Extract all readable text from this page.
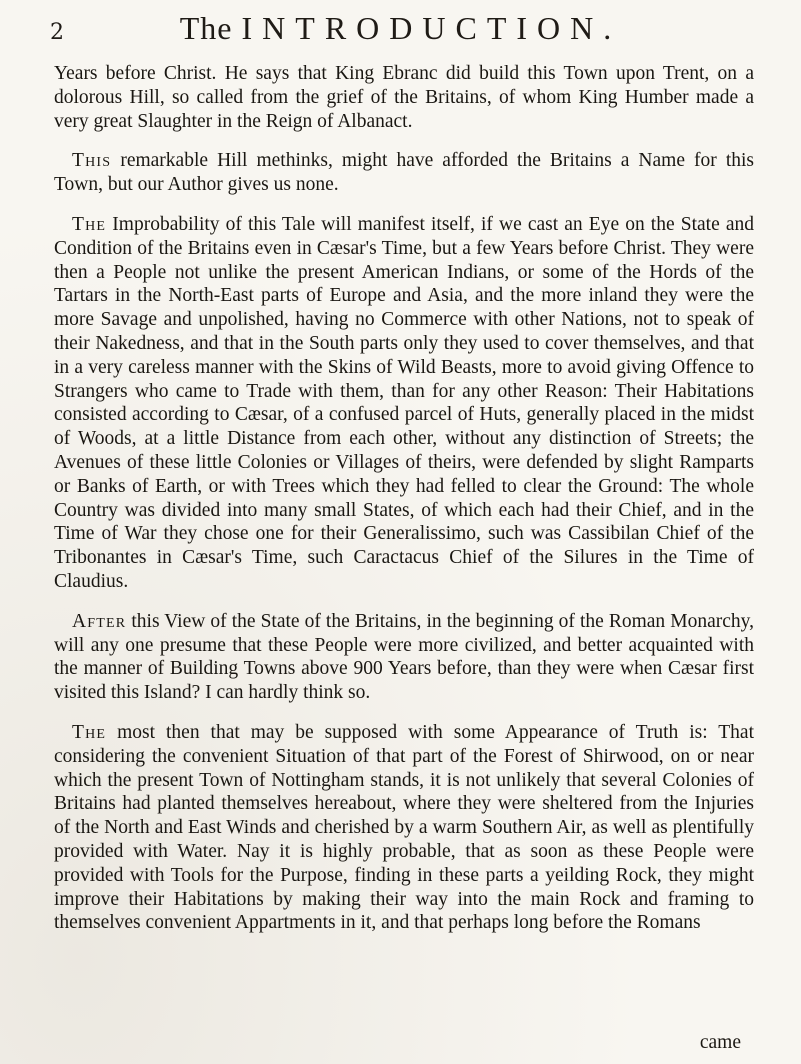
2	The INTRODUCTION.

Years before Christ. He says that King Ebranc did build this Town upon Trent, on a dolorous Hill, so called from the grief of the Britains, of whom King Humber made a very great Slaughter in the Reign of Albanact.

This remarkable Hill methinks, might have afforded the Britains a Name for this Town, but our Author gives us none.

The Improbability of this Tale will manifest itself, if we cast an Eye on the State and Condition of the Britains even in Cæsar's Time, but a few Years before Christ. They were then a People not unlike the present American Indians, or some of the Hords of the Tartars in the North-East parts of Europe and Asia, and the more inland they were the more Savage and unpolished, having no Commerce with other Nations, not to speak of their Nakedness, and that in the South parts only they used to cover themselves, and that in a very careless manner with the Skins of Wild Beasts, more to avoid giving Offence to Strangers who came to Trade with them, than for any other Reason: Their Habitations consisted according to Cæsar, of a confused parcel of Huts, generally placed in the midst of Woods, at a little Distance from each other, without any distinction of Streets; the Avenues of these little Colonies or Villages of theirs, were defended by slight Ramparts or Banks of Earth, or with Trees which they had felled to clear the Ground: The whole Country was divided into many small States, of which each had their Chief, and in the Time of War they chose one for their Generalissimo, such was Cassibilan Chief of the Tribonantes in Cæsar's Time, such Caractacus Chief of the Silures in the Time of Claudius.

After this View of the State of the Britains, in the beginning of the Roman Monarchy, will any one presume that these People were more civilized, and better acquainted with the manner of Building Towns above 900 Years before, than they were when Cæsar first visited this Island? I can hardly think so.

The most then that may be supposed with some Appearance of Truth is: That considering the convenient Situation of that part of the Forest of Shirwood, on or near which the present Town of Nottingham stands, it is not unlikely that several Colonies of Britains had planted themselves hereabout, where they were sheltered from the Injuries of the North and East Winds and cherished by a warm Southern Air, as well as plentifully provided with Water. Nay it is highly probable, that as soon as these People were provided with Tools for the Purpose, finding in these parts a yeilding Rock, they might improve their Habitations by making their way into the main Rock and framing to themselves convenient Appartments in it, and that perhaps long before the Romans

came
